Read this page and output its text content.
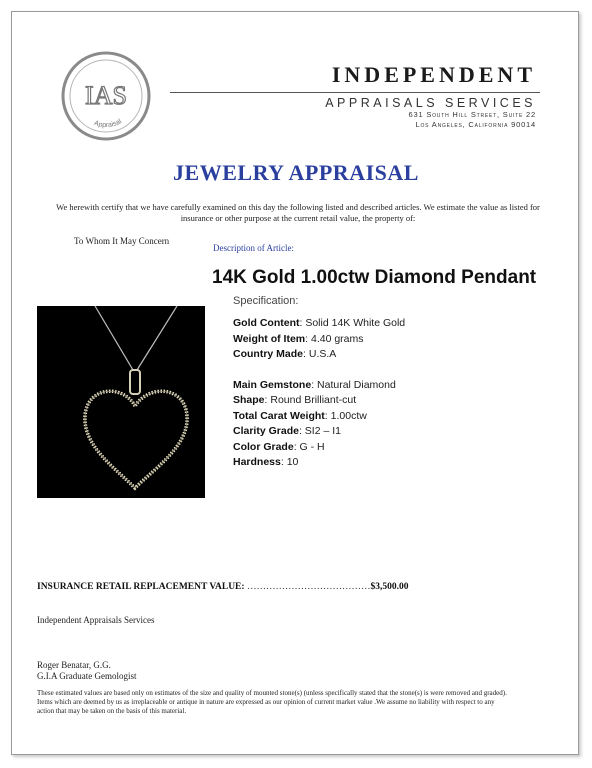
IAS
Appraisal
INDEPENDENT
APPRAISALS SERVICES
631 South Hill Street, Suite 22
Los Angeles, California 90014
JEWELRY APPRAISAL
We herewith certify that we have carefully examined on this day the following listed and described articles. We estimate the value as listed for insurance or other purpose at the current retail value, the property of:
To Whom It May Concern
Description of Article:
14K Gold 1.00ctw Diamond Pendant
Specification:
Gold Content: Solid 14K White Gold
Weight of Item: 4.40 grams
Country Made: U.S.A
Main Gemstone: Natural Diamond
Shape: Round Brilliant-cut
Total Carat Weight: 1.00ctw
Clarity Grade: SI2 – I1
Color Grade: G - H
Hardness: 10
INSURANCE RETAIL REPLACEMENT VALUE: …………………………………$3,500.00
Independent Appraisals Services
Roger Benatar, G.G.
G.I.A Graduate Gemologist
These estimated values are based only on estimates of the size and quality of mounted stone(s) (unless specifically stated that the stone(s) is were removed and graded). Items which are deemed by us as irreplaceable or antique in nature are expressed as our opinion of current market value .We assume no liability with respect to any action that may be taken on the basis of this material.
